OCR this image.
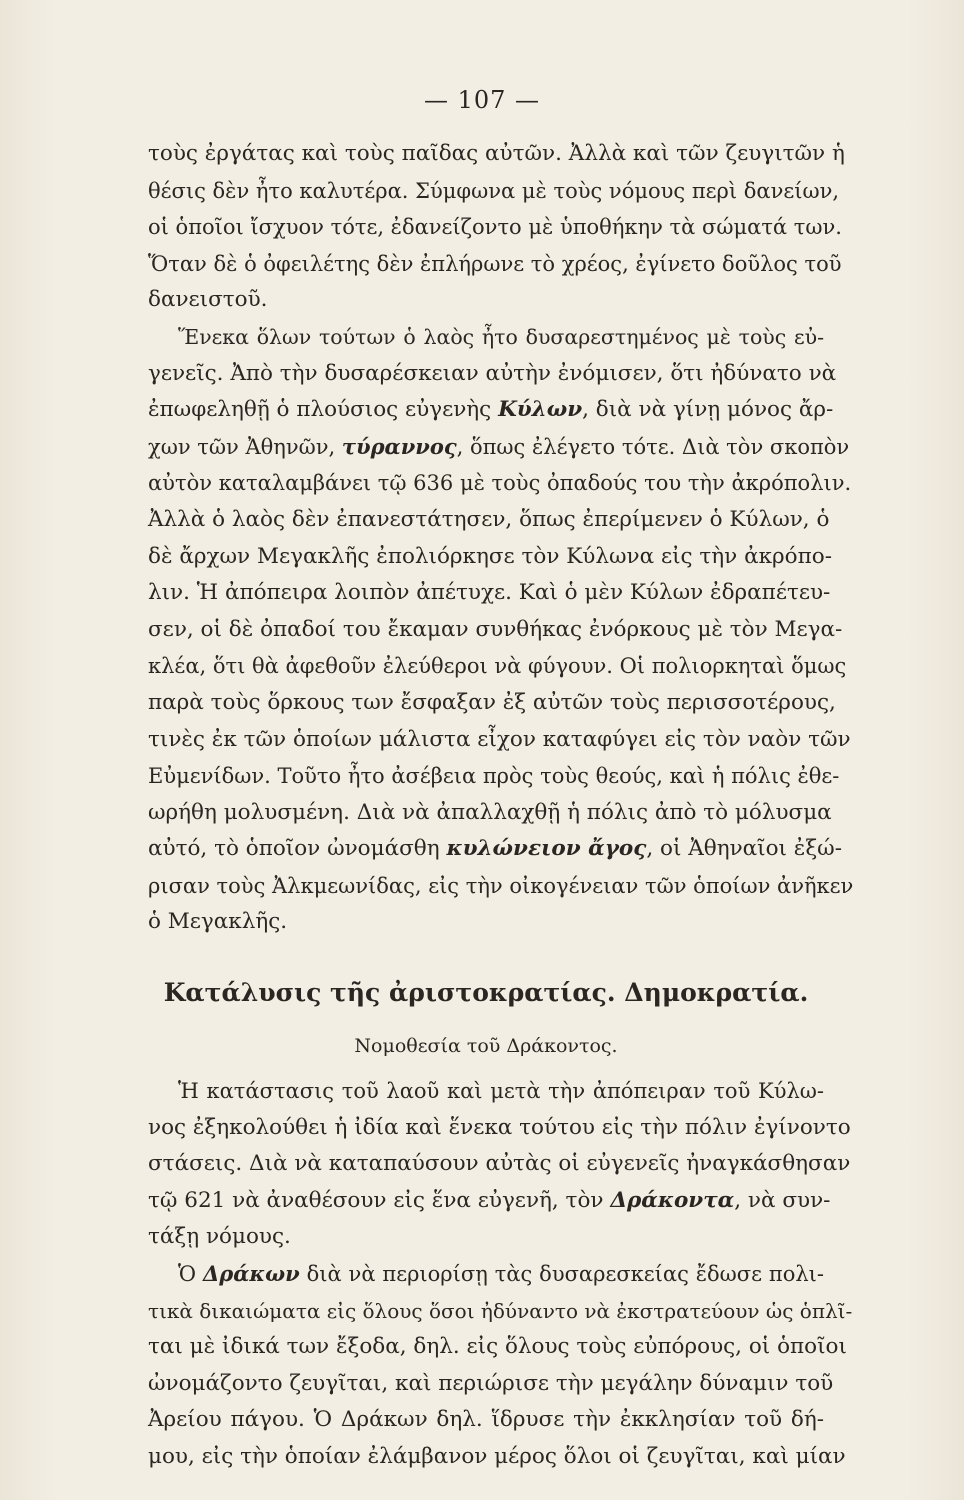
— 107 —

τοὺς ἐργάτας καὶ τοὺς παῖδας αὐτῶν. Ἀλλὰ καὶ τῶν ζευγιτῶν ἡ
θέσις δὲν ἦτο καλυτέρα. Σύμφωνα μὲ τοὺς νόμους περὶ δανείων,
οἱ ὁποῖοι ἴσχυον τότε, ἐδανείζοντο μὲ ὑποθήκην τὰ σώματά των.
Ὅταν δὲ ὁ ὀφειλέτης δὲν ἐπλήρωνε τὸ χρέος, ἐγίνετο δοῦλος τοῦ
δανειστοῦ.

Ἕνεκα ὅλων τούτων ὁ λαὸς ἦτο δυσαρεστημένος μὲ τοὺς εὐ-
γενεῖς. Ἀπὸ τὴν δυσαρέσκειαν αὐτὴν ἐνόμισεν, ὅτι ἠδύνατο νὰ
ἐπωφεληθῇ ὁ πλούσιος εὐγενὴς Κύλων, διὰ νὰ γίνῃ μόνος ἄρ-
χων τῶν Ἀθηνῶν, τύραννος, ὅπως ἐλέγετο τότε. Διὰ τὸν σκοπὸν
αὐτὸν καταλαμβάνει τῷ 636 μὲ τοὺς ὀπαδούς του τὴν ἀκρόπολιν.
Ἀλλὰ ὁ λαὸς δὲν ἐπανεστάτησεν, ὅπως ἐπερίμενεν ὁ Κύλων, ὁ
δὲ ἄρχων Μεγακλῆς ἐπολιόρκησε τὸν Κύλωνα εἰς τὴν ἀκρόπο-
λιν. Ἡ ἀπόπειρα λοιπὸν ἀπέτυχε. Καὶ ὁ μὲν Κύλων ἐδραπέτευ-
σεν, οἱ δὲ ὀπαδοί του ἔκαμαν συνθήκας ἐνόρκους μὲ τὸν Μεγα-
κλέα, ὅτι θὰ ἀφεθοῦν ἐλεύθεροι νὰ φύγουν. Οἱ πολιορκηταὶ ὅμως
παρὰ τοὺς ὅρκους των ἔσφαξαν ἐξ αὐτῶν τοὺς περισσοτέρους,
τινὲς ἐκ τῶν ὁποίων μάλιστα εἶχον καταφύγει εἰς τὸν ναὸν τῶν
Εὐμενίδων. Τοῦτο ἦτο ἀσέβεια πρὸς τοὺς θεούς, καὶ ἡ πόλις ἐθε-
ωρήθη μολυσμένη. Διὰ νὰ ἀπαλλαχθῇ ἡ πόλις ἀπὸ τὸ μόλυσμα
αὐτό, τὸ ὁποῖον ὠνομάσθη κυλώνειον ἄγος, οἱ Ἀθηναῖοι ἐξώ-
ρισαν τοὺς Ἀλκμεωνίδας, εἰς τὴν οἰκογένειαν τῶν ὁποίων ἀνῆκεν
ὁ Μεγακλῆς.

Κατάλυσις τῆς ἀριστοκρατίας. Δημοκρατία.
Νομοθεσία τοῦ Δράκοντος.

Ἡ κατάστασις τοῦ λαοῦ καὶ μετὰ τὴν ἀπόπειραν τοῦ Κύλω-
νος ἐξηκολούθει ἡ ἰδία καὶ ἕνεκα τούτου εἰς τὴν πόλιν ἐγίνοντο
στάσεις. Διὰ νὰ καταπαύσουν αὐτὰς οἱ εὐγενεῖς ἠναγκάσθησαν
τῷ 621 νὰ ἀναθέσουν εἰς ἕνα εὐγενῆ, τὸν Δράκοντα, νὰ συν-
τάξῃ νόμους.

Ὁ Δράκων διὰ νὰ περιορίσῃ τὰς δυσαρεσκείας ἔδωσε πολι-
τικὰ δικαιώματα εἰς ὅλους ὅσοι ἠδύναντο νὰ ἐκστρατεύουν ὡς ὁπλῖ-
ται μὲ ἰδικά των ἔξοδα, δηλ. εἰς ὅλους τοὺς εὐπόρους, οἱ ὁποῖοι
ὠνομάζοντο ζευγῖται, καὶ περιώρισε τὴν μεγάλην δύναμιν τοῦ
Ἀρείου πάγου. Ὁ Δράκων δηλ. ἵδρυσε τὴν ἐκκλησίαν τοῦ δή-
μου, εἰς τὴν ὁποίαν ἐλάμβανον μέρος ὅλοι οἱ ζευγῖται, καὶ μίαν
